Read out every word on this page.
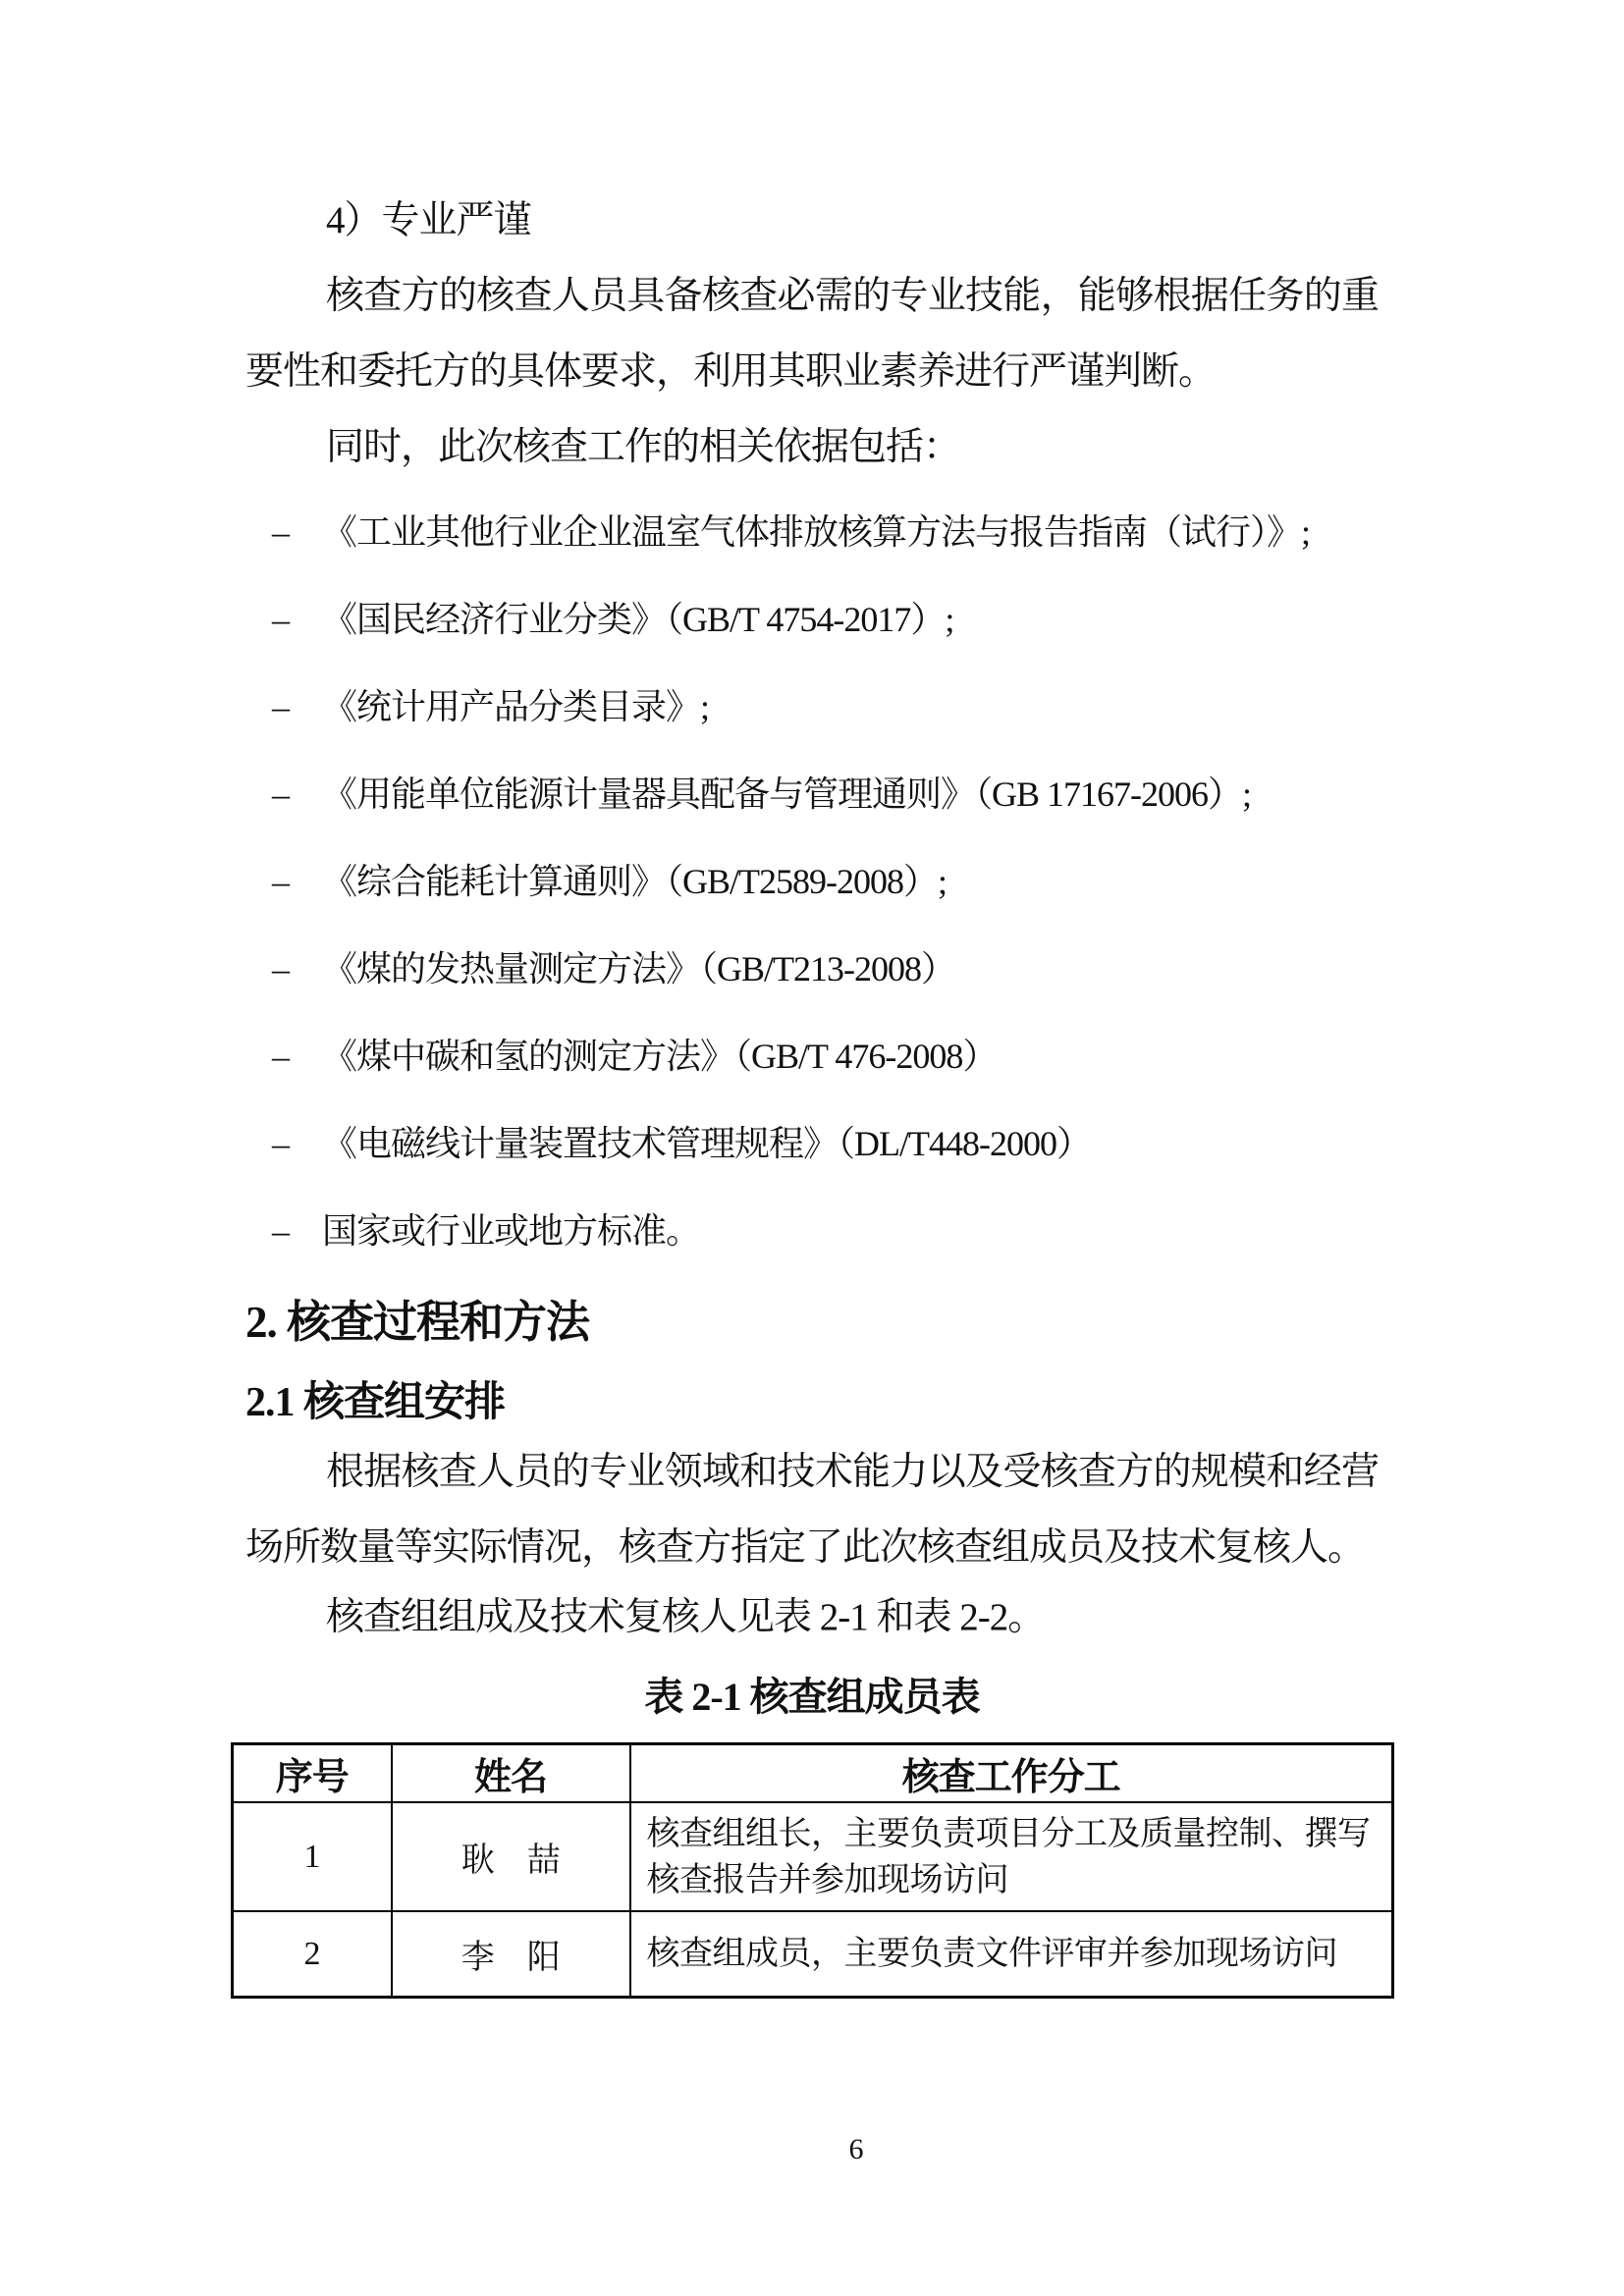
4）专业严谨
核查方的核查人员具备核查必需的专业技能，能够根据任务的重要性和委托方的具体要求，利用其职业素养进行严谨判断。
同时，此次核查工作的相关依据包括：
– 《工业其他行业企业温室气体排放核算方法与报告指南（试行）》;
– 《国民经济行业分类》（GB/T 4754-2017）;
– 《统计用产品分类目录》;
– 《用能单位能源计量器具配备与管理通则》（GB 17167-2006）;
– 《综合能耗计算通则》（GB/T2589-2008）;
– 《煤的发热量测定方法》（GB/T213-2008）
– 《煤中碳和氢的测定方法》（GB/T 476-2008）
– 《电磁线计量装置技术管理规程》（DL/T448-2000）
– 国家或行业或地方标准。
2. 核查过程和方法
2.1 核查组安排
根据核查人员的专业领域和技术能力以及受核查方的规模和经营场所数量等实际情况，核查方指定了此次核查组成员及技术复核人。
核查组组成及技术复核人见表 2-1 和表 2-2。
表 2-1 核查组成员表
序号	姓名	核查工作分工
1	耿　喆	核查组组长，主要负责项目分工及质量控制、撰写核查报告并参加现场访问
2	李　阳	核查组成员，主要负责文件评审并参加现场访问
6
